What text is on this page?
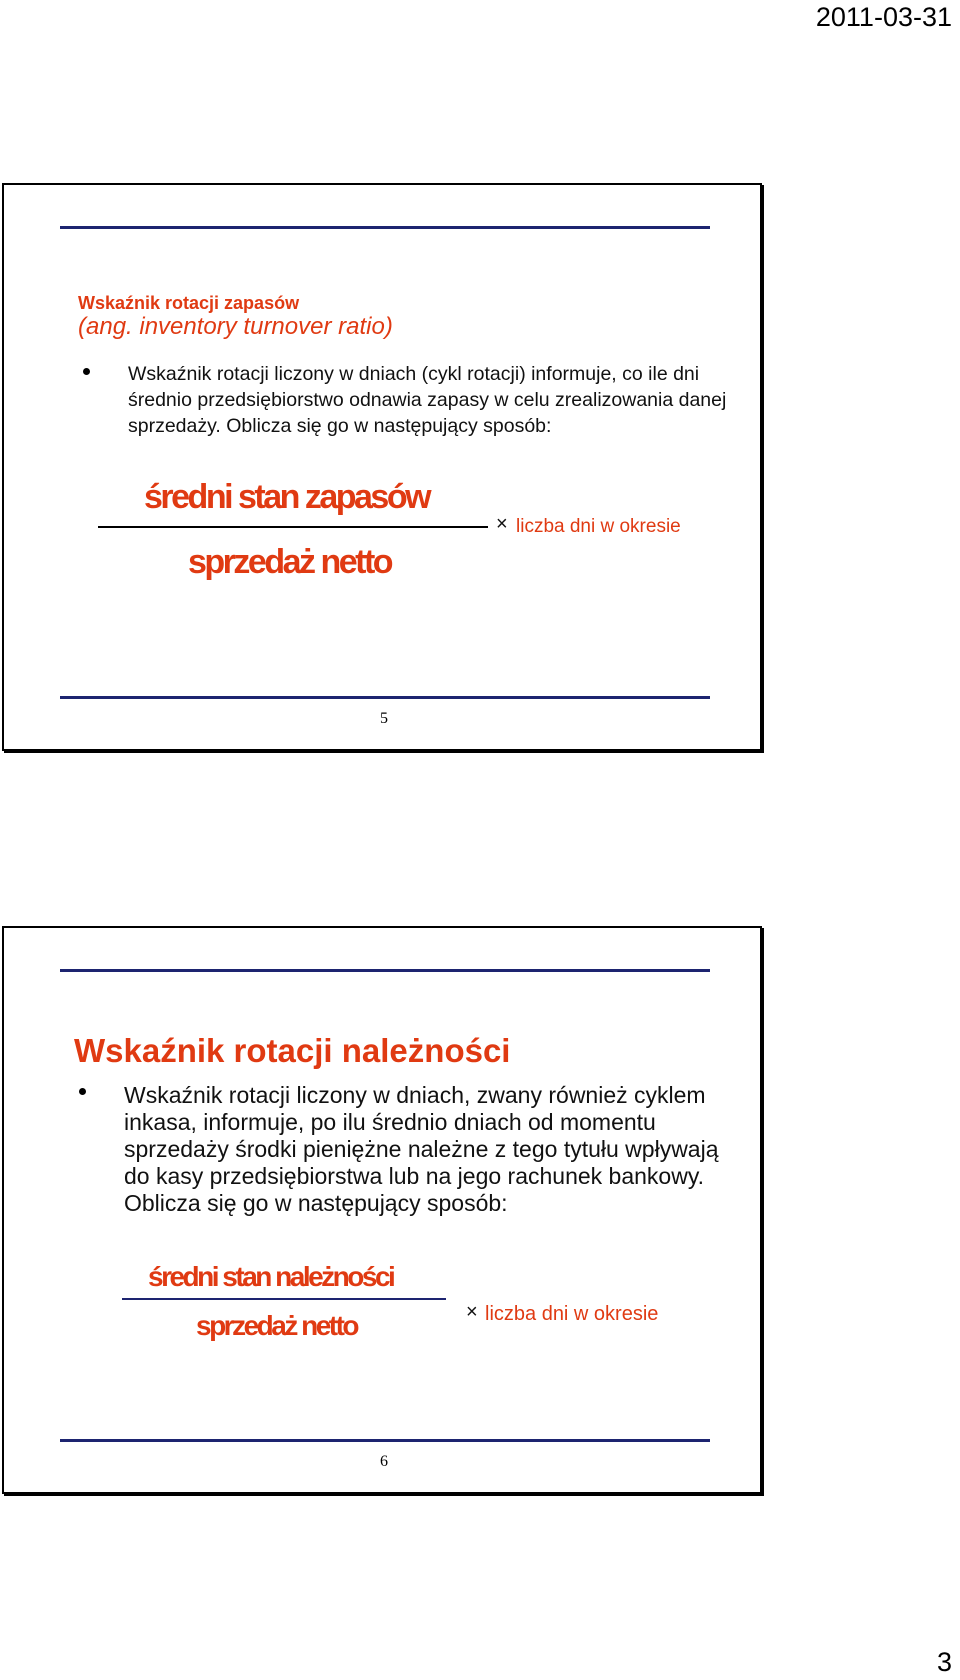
2011-03-31
Wskaźnik rotacji zapasów
(ang. inventory turnover ratio)
Wskaźnik rotacji liczony w dniach (cykl rotacji) informuje, co ile dni średnio przedsiębiorstwo odnawia zapasy w celu zrealizowania danej sprzedaży. Oblicza się go w następujący sposób:
średni stan zapasów
× liczba dni w okresie
sprzedaż netto
5
Wskaźnik rotacji należności
Wskaźnik rotacji liczony w dniach, zwany również cyklem inkasa, informuje, po ilu średnio dniach od momentu sprzedaży środki pieniężne należne z tego tytułu wpływają do kasy przedsiębiorstwa lub na jego rachunek bankowy. Oblicza się go w następujący sposób:
średni stan należności
× liczba dni w okresie
sprzedaż netto
6
3
